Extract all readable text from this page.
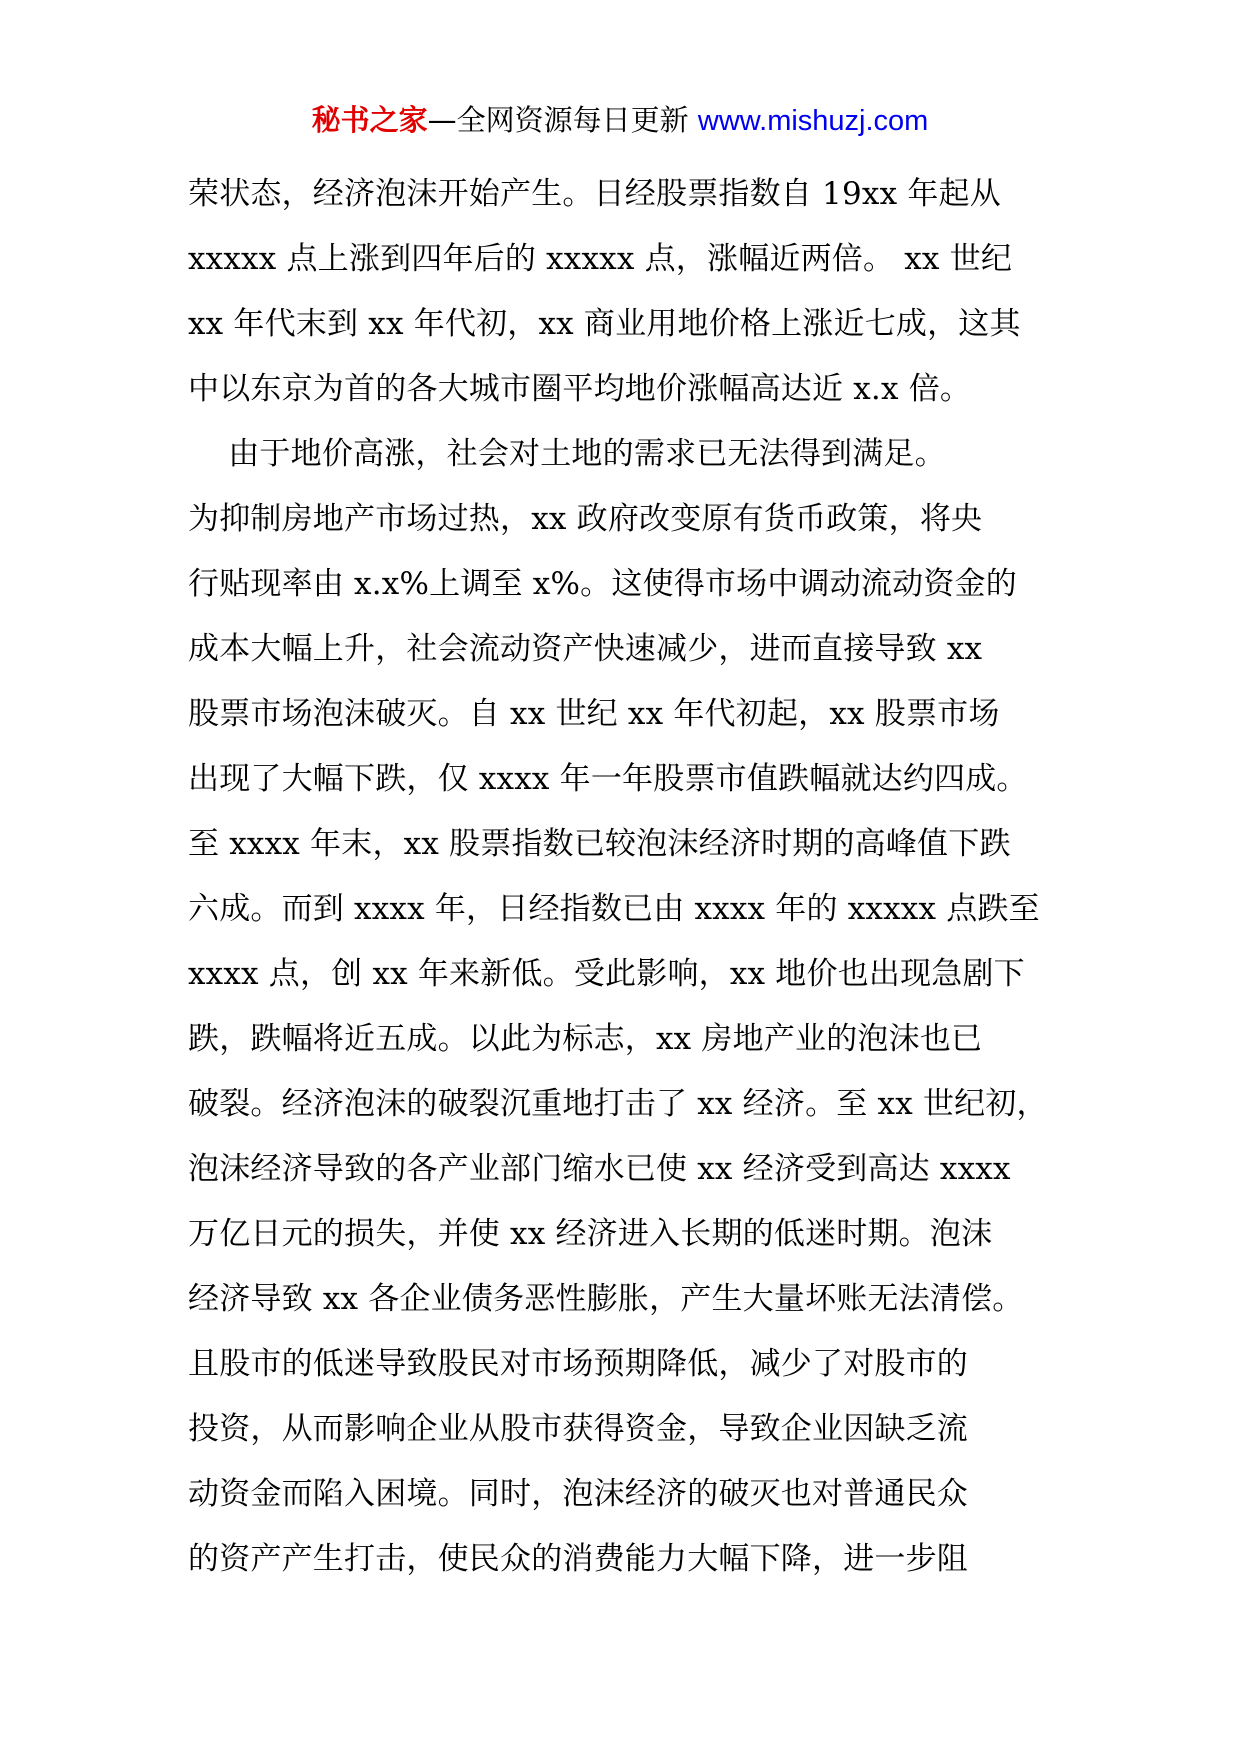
秘书之家—全网资源每日更新 www.mishuzj.com
荣状态，经济泡沫开始产生。日经股票指数自 19xx 年起从
xxxxx 点上涨到四年后的 xxxxx 点，涨幅近两倍。 xx 世纪
xx 年代末到 xx 年代初，xx 商业用地价格上涨近七成，这其
中以东京为首的各大城市圈平均地价涨幅高达近 x.x 倍。
由于地价高涨，社会对土地的需求已无法得到满足。
为抑制房地产市场过热，xx 政府改变原有货币政策，将央
行贴现率由 x.x%上调至 x%。这使得市场中调动流动资金的
成本大幅上升，社会流动资产快速减少，进而直接导致 xx
股票市场泡沫破灭。自 xx 世纪 xx 年代初起，xx 股票市场
出现了大幅下跌，仅 xxxx 年一年股票市值跌幅就达约四成。
至 xxxx 年末，xx 股票指数已较泡沫经济时期的高峰值下跌
六成。而到 xxxx 年，日经指数已由 xxxx 年的 xxxxx 点跌至
xxxx 点，创 xx 年来新低。受此影响，xx 地价也出现急剧下
跌，跌幅将近五成。以此为标志，xx 房地产业的泡沫也已
破裂。经济泡沫的破裂沉重地打击了 xx 经济。至 xx 世纪初，
泡沫经济导致的各产业部门缩水已使 xx 经济受到高达 xxxx
万亿日元的损失，并使 xx 经济进入长期的低迷时期。泡沫
经济导致 xx 各企业债务恶性膨胀，产生大量坏账无法清偿。
且股市的低迷导致股民对市场预期降低，减少了对股市的
投资，从而影响企业从股市获得资金，导致企业因缺乏流
动资金而陷入困境。同时，泡沫经济的破灭也对普通民众
的资产产生打击，使民众的消费能力大幅下降，进一步阻
